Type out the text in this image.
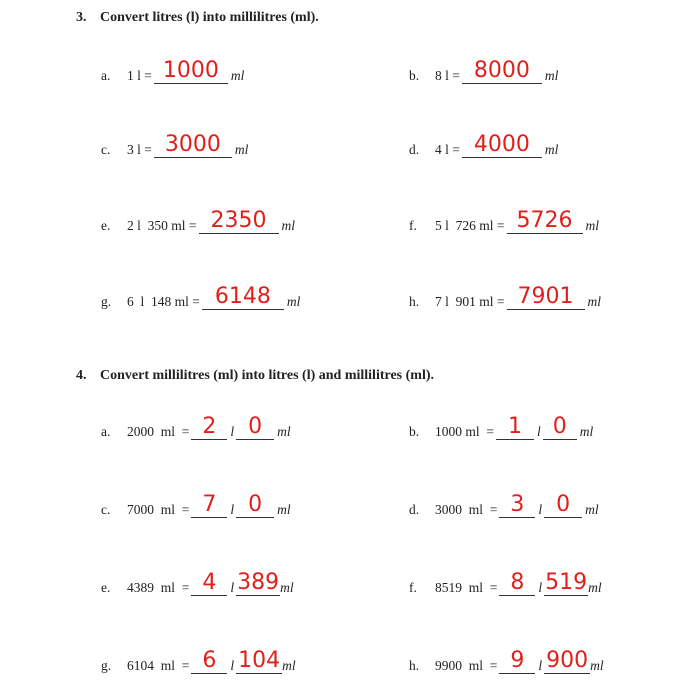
3. Convert litres (l) into millilitres (ml).
a.	1 l = 1000 ml	b.	8 l = 8000	ml
c.	3 l = 3000	ml	d.	4 l = 4000	ml
e.	2 l  350 ml = 2350	ml	f.	5 l  726 ml = 5726 ml
g.	6  l  148 ml = 6148	ml	h.	7 l  901 ml = 7901	ml
4. Convert millilitres (ml) into litres (l) and millilitres (ml).
a.	2000  ml  = 2	l 0	ml	b.	1000 ml  = 1	l 0 ml
c.	7000  ml  = 7	l 0	ml	d.	3000  ml  = 3	l 0	ml
e.	4389  ml  = 4	l 389 ml	f.	8519  ml  = 8	l 519 ml
g.	6104  ml  = 6	l 104 ml	h.	9900  ml  = 9	l 900 ml
